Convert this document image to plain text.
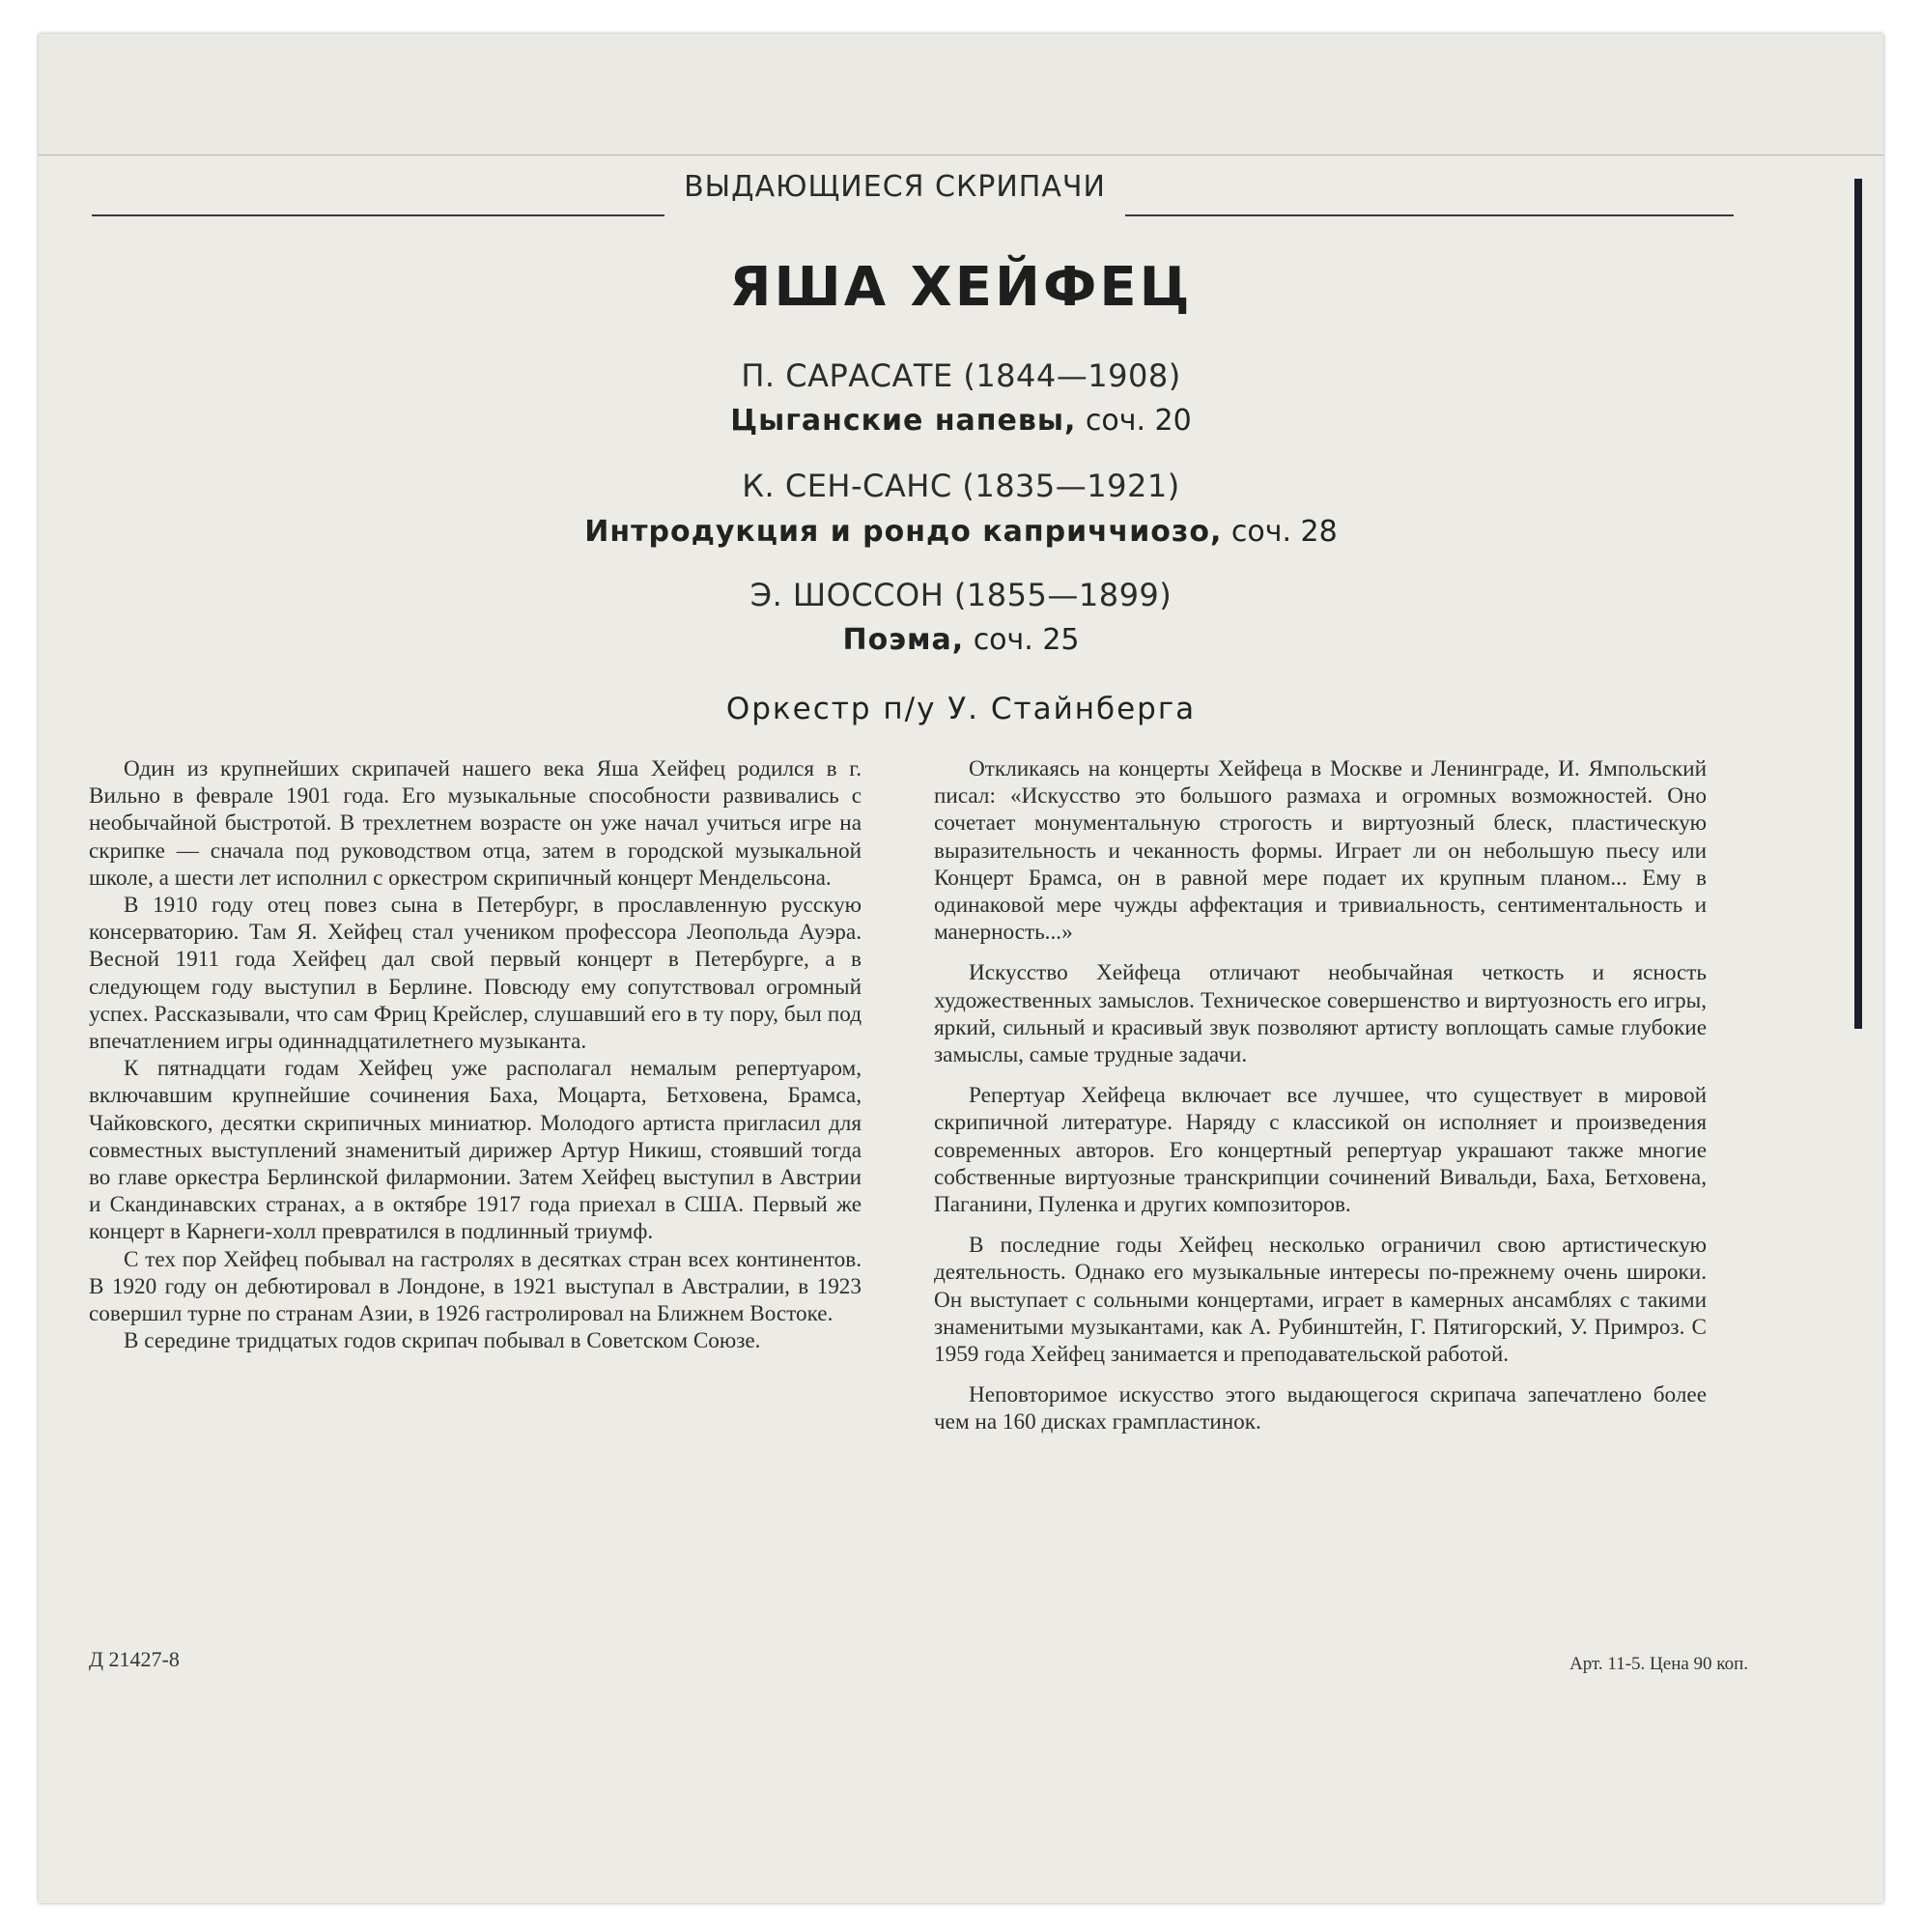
ВЫДАЮЩИЕСЯ СКРИПАЧИ
ЯША ХЕЙФЕЦ
П. САРАСАТЕ (1844—1908)
Цыганские напевы, соч. 20
К. СЕН-САНС (1835—1921)
Интродукция и рондо каприччиозо, соч. 28
Э. ШОССОН (1855—1899)
Поэма, соч. 25
Оркестр п/у У. Стайнберга

Один из крупнейших скрипачей нашего века Яша Хейфец родился в г. Вильно в феврале 1901 года. Его музыкальные способности развивались с необычайной быстротой. В трехлетнем возрасте он уже начал учиться игре на скрипке — сначала под руководством отца, затем в городской музыкальной школе, а шести лет исполнил с оркестром скрипичный концерт Мендельсона.

В 1910 году отец повез сына в Петербург, в прославленную русскую консерваторию. Там Я. Хейфец стал учеником профессора Леопольда Ауэра. Весной 1911 года Хейфец дал свой первый концерт в Петербурге, а в следующем году выступил в Берлине. Повсюду ему сопутствовал огромный успех. Рассказывали, что сам Фриц Крейслер, слушавший его в ту пору, был под впечатлением игры одиннадцатилетнего музыканта.

К пятнадцати годам Хейфец уже располагал немалым репертуаром, включавшим крупнейшие сочинения Баха, Моцарта, Бетховена, Брамса, Чайковского, десятки скрипичных миниатюр. Молодого артиста пригласил для совместных выступлений знаменитый дирижер Артур Никиш, стоявший тогда во главе оркестра Берлинской филармонии. Затем Хейфец выступил в Австрии и Скандинавских странах, а в октябре 1917 года приехал в США. Первый же концерт в Карнеги-холл превратился в подлинный триумф.

С тех пор Хейфец побывал на гастролях в десятках стран всех континентов. В 1920 году он дебютировал в Лондоне, в 1921 выступал в Австралии, в 1923 совершил турне по странам Азии, в 1926 гастролировал на Ближнем Востоке.

В середине тридцатых годов скрипач побывал в Советском Союзе.

Откликаясь на концерты Хейфеца в Москве и Ленинграде, И. Ямпольский писал: «Искусство это большого размаха и огромных возможностей. Оно сочетает монументальную строгость и виртуозный блеск, пластическую выразительность и чеканность формы. Играет ли он небольшую пьесу или Концерт Брамса, он в равной мере подает их крупным планом... Ему в одинаковой мере чужды аффектация и тривиальность, сентиментальность и манерность...»

Искусство Хейфеца отличают необычайная четкость и ясность художественных замыслов. Техническое совершенство и виртуозность его игры, яркий, сильный и красивый звук позволяют артисту воплощать самые глубокие замыслы, самые трудные задачи.

Репертуар Хейфеца включает все лучшее, что существует в мировой скрипичной литературе. Наряду с классикой он исполняет и произведения современных авторов. Его концертный репертуар украшают также многие собственные виртуозные транскрипции сочинений Вивальди, Баха, Бетховена, Паганини, Пуленка и других композиторов.

В последние годы Хейфец несколько ограничил свою артистическую деятельность. Однако его музыкальные интересы по-прежнему очень широки. Он выступает с сольными концертами, играет в камерных ансамблях с такими знаменитыми музыкантами, как А. Рубинштейн, Г. Пятигорский, У. Примроз. С 1959 года Хейфец занимается и преподавательской работой.

Неповторимое искусство этого выдающегося скрипача запечатлено более чем на 160 дисках грампластинок.

Д 21427-8	Арт. 11-5. Цена 90 коп.
